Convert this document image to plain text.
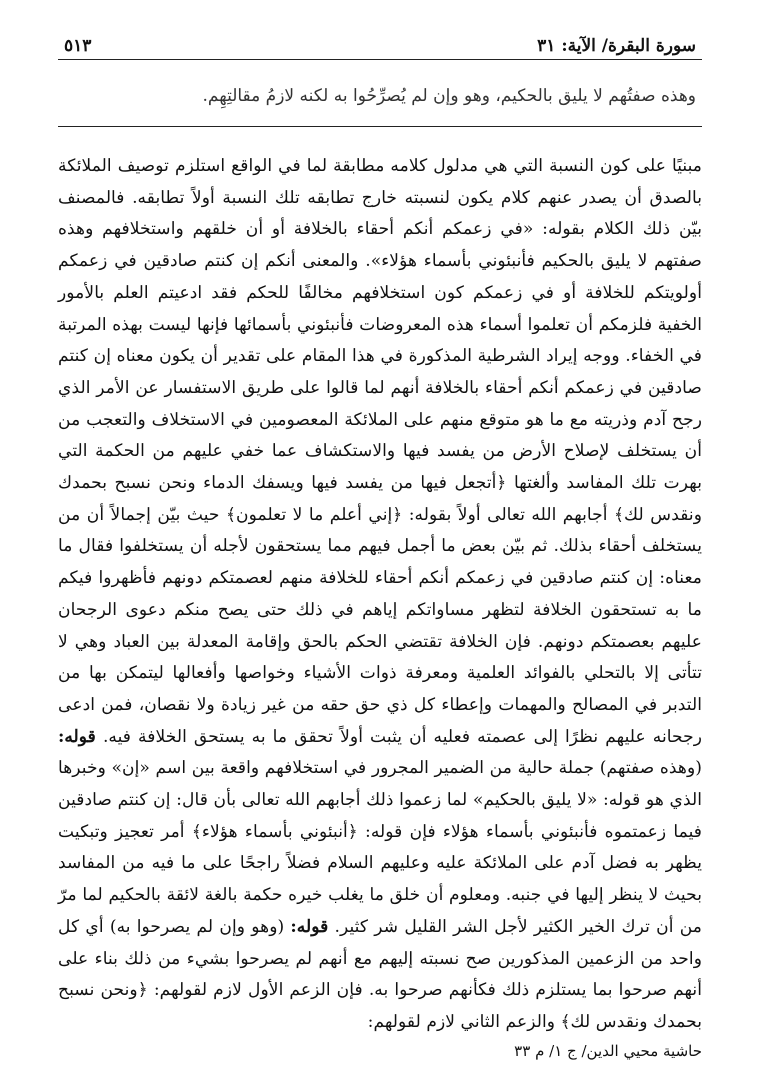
سورة البقرة/ الآية: ٣١
٥١٣
وهذه صفتُهم لا يليق بالحكيم، وهو وإن لم يُصرِّحُوا به لكنه لازمُ مقالتِهِم.

مبنيًا على كون النسبة التي هي مدلول كلامه مطابقة لما في الواقع استلزم توصيف الملائكة بالصدق أن يصدر عنهم كلام يكون لنسبته خارج تطابقه تلك النسبة أولاً تطابقه. فالمصنف بيّن ذلك الكلام بقوله: «في زعمكم أنكم أحقاء بالخلافة أو أن خلقهم واستخلافهم وهذه صفتهم لا يليق بالحكيم فأنبئوني بأسماء هؤلاء». والمعنى أنكم إن كنتم صادقين في زعمكم أولويتكم للخلافة أو في زعمكم كون استخلافهم مخالفًا للحكم فقد ادعيتم العلم بالأمور الخفية فلزمكم أن تعلموا أسماء هذه المعروضات فأنبئوني بأسمائها فإنها ليست بهذه المرتبة في الخفاء. ووجه إيراد الشرطية المذكورة في هذا المقام على تقدير أن يكون معناه إن كنتم صادقين في زعمكم أنكم أحقاء بالخلافة أنهم لما قالوا على طريق الاستفسار عن الأمر الذي رجح آدم وذريته مع ما هو متوقع منهم على الملائكة المعصومين في الاستخلاف والتعجب من أن يستخلف لإصلاح الأرض من يفسد فيها والاستكشاف عما خفي عليهم من الحكمة التي بهرت تلك المفاسد وألغتها ﴿أتجعل فيها من يفسد فيها ويسفك الدماء ونحن نسبح بحمدك ونقدس لك﴾ أجابهم الله تعالى أولاً بقوله: ﴿إني أعلم ما لا تعلمون﴾ حيث بيّن إجمالاً أن من يستخلف أحقاء بذلك. ثم بيّن بعض ما أجمل فيهم مما يستحقون لأجله أن يستخلفوا فقال ما معناه: إن كنتم صادقين في زعمكم أنكم أحقاء للخلافة منهم لعصمتكم دونهم فأظهروا فيكم ما به تستحقون الخلافة لتظهر مساواتكم إياهم في ذلك حتى يصح منكم دعوى الرجحان عليهم بعصمتكم دونهم. فإن الخلافة تقتضي الحكم بالحق وإقامة المعدلة بين العباد وهي لا تتأتى إلا بالتحلي بالفوائد العلمية ومعرفة ذوات الأشياء وخواصها وأفعالها ليتمكن بها من التدبر في المصالح والمهمات وإعطاء كل ذي حق حقه من غير زيادة ولا نقصان، فمن ادعى رجحانه عليهم نظرًا إلى عصمته فعليه أن يثبت أولاً تحقق ما به يستحق الخلافة فيه. قوله: (وهذه صفتهم) جملة حالية من الضمير المجرور في استخلافهم واقعة بين اسم «إن» وخبرها الذي هو قوله: «لا يليق بالحكيم» لما زعموا ذلك أجابهم الله تعالى بأن قال: إن كنتم صادقين فيما زعمتموه فأنبئوني بأسماء هؤلاء فإن قوله: ﴿أنبئوني بأسماء هؤلاء﴾ أمر تعجيز وتبكيت يظهر به فضل آدم على الملائكة عليه وعليهم السلام فضلاً راجحًا على ما فيه من المفاسد بحيث لا ينظر إليها في جنبه. ومعلوم أن خلق ما يغلب خيره حكمة بالغة لائقة بالحكيم لما مرّ من أن ترك الخير الكثير لأجل الشر القليل شر كثير. قوله: (وهو وإن لم يصرحوا به) أي كل واحد من الزعمين المذكورين صح نسبته إليهم مع أنهم لم يصرحوا بشيء من ذلك بناء على أنهم صرحوا بما يستلزم ذلك فكأنهم صرحوا به. فإن الزعم الأول لازم لقولهم: ﴿ونحن نسبح بحمدك ونقدس لك﴾ والزعم الثاني لازم لقولهم:

حاشية محيي الدين/ ج ١/ م ٣٣
